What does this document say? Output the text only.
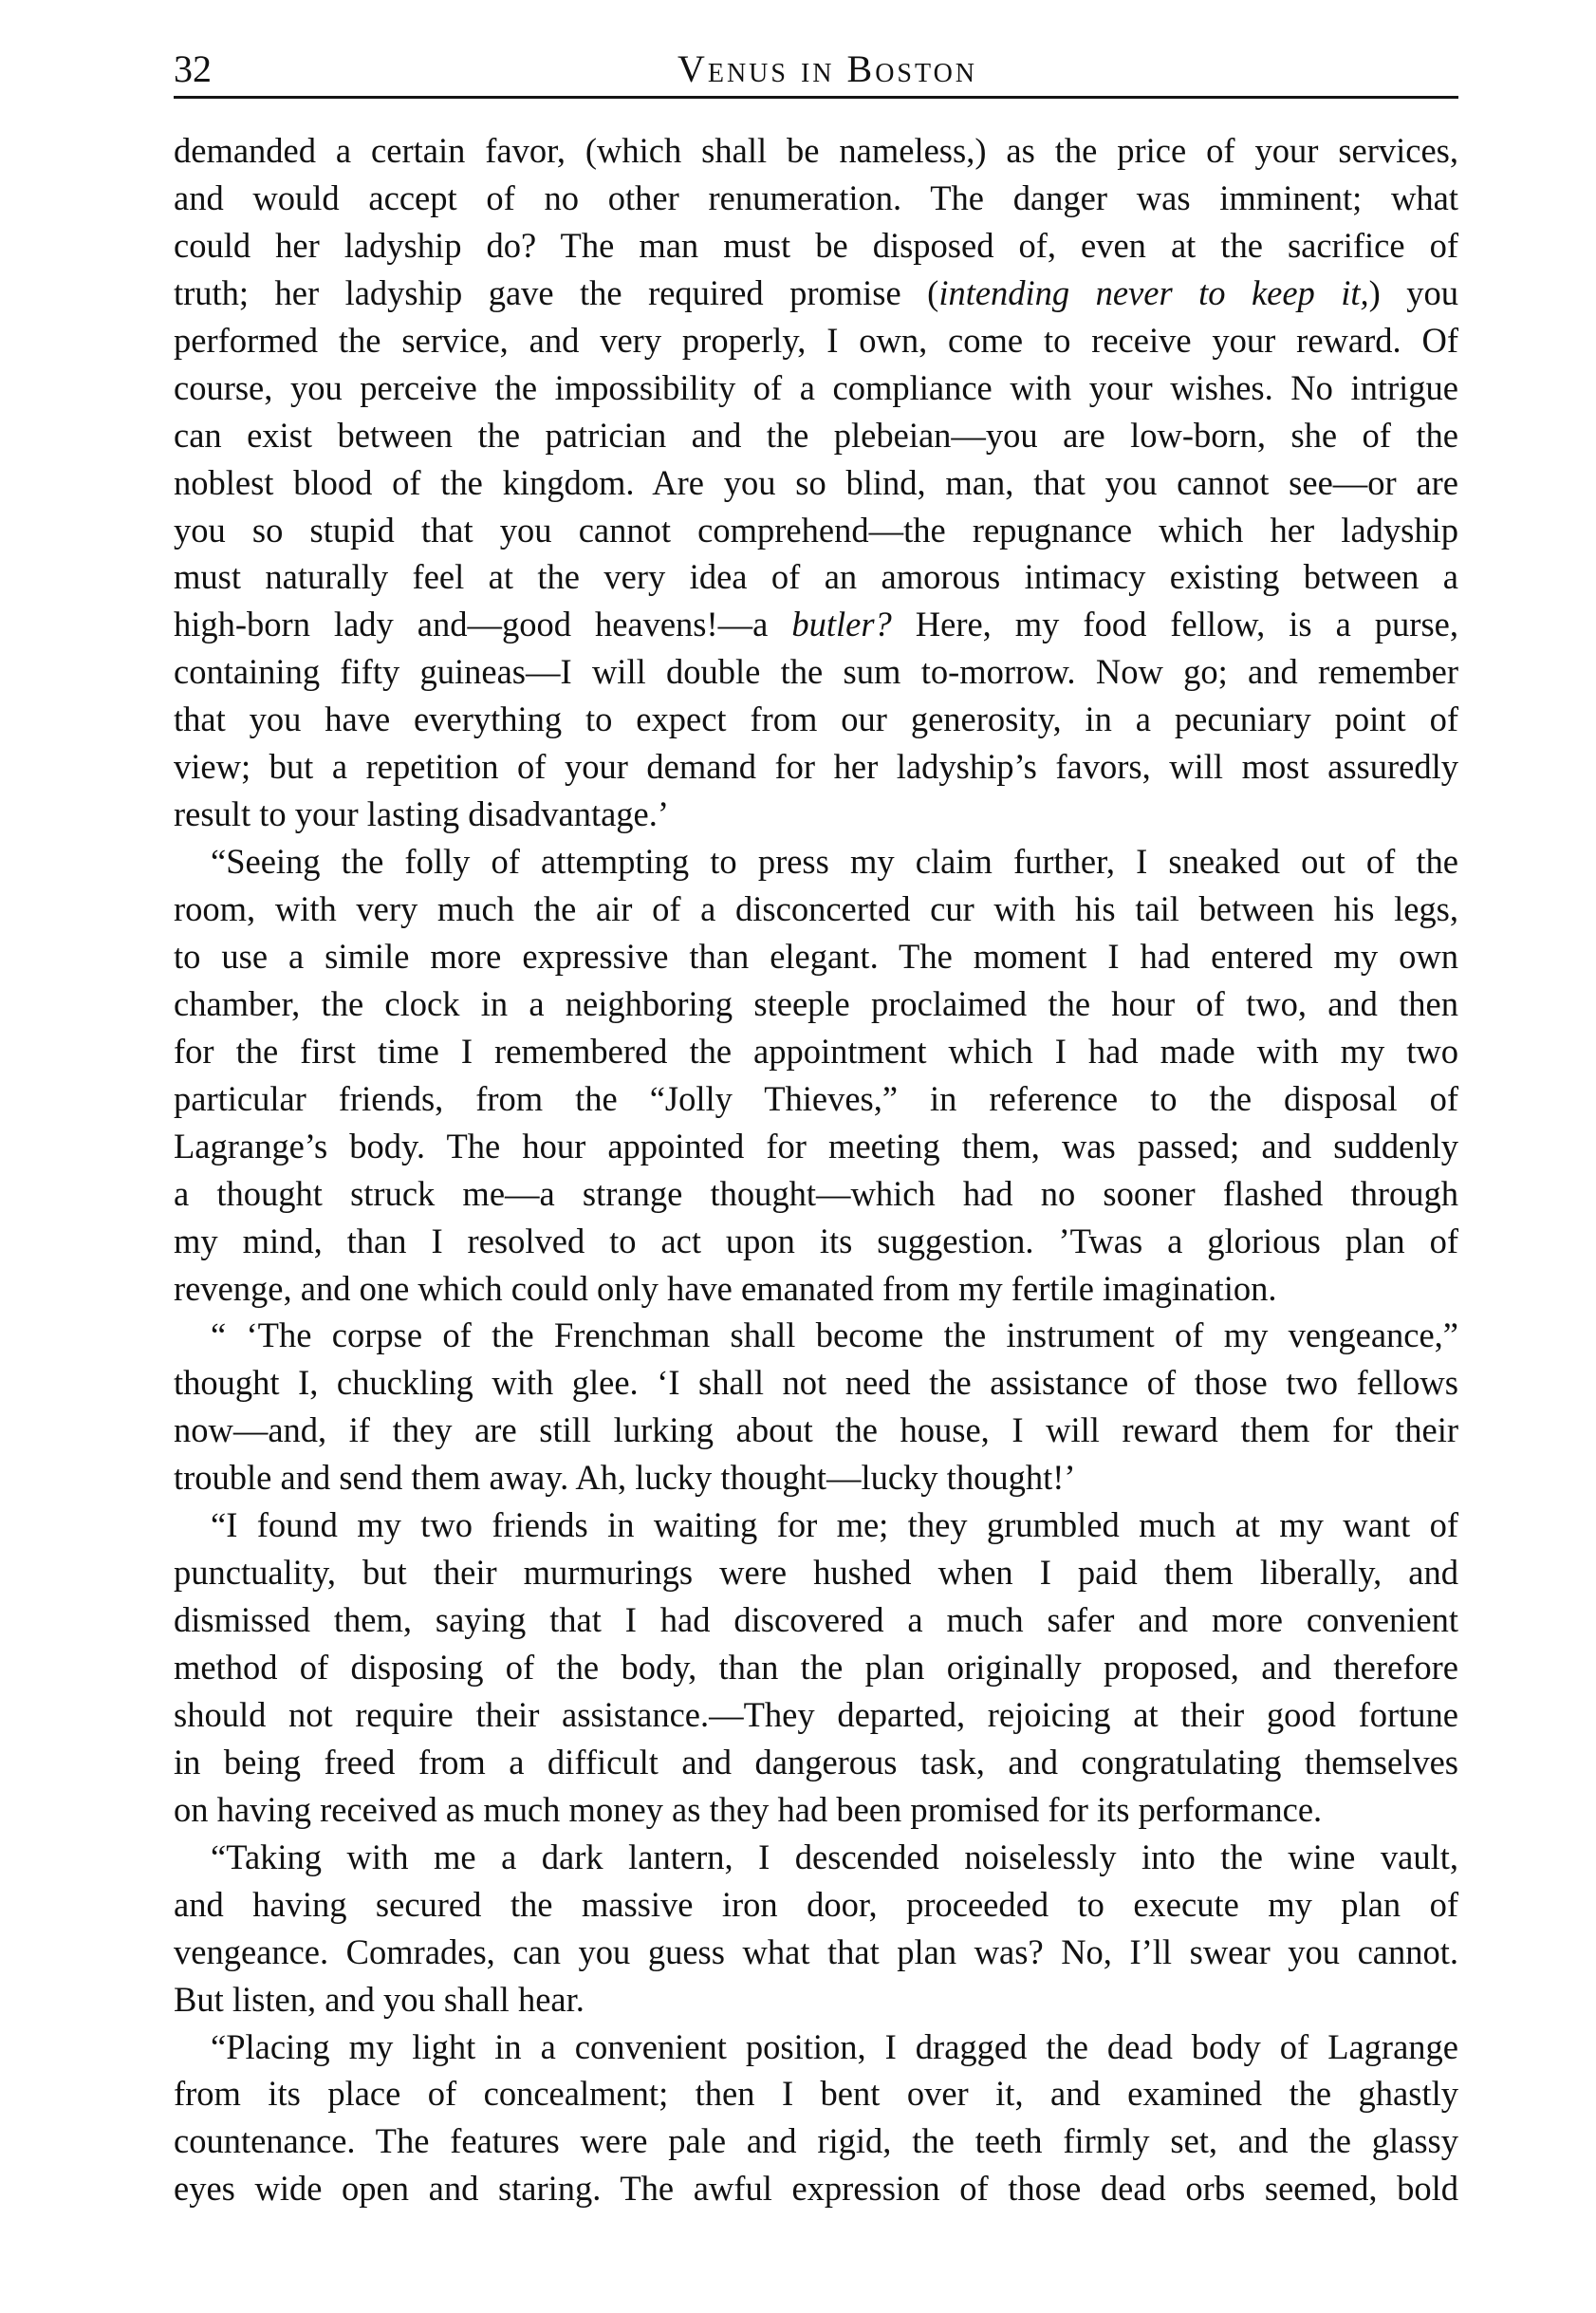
32	Venus in Boston
demanded a certain favor, (which shall be nameless,) as the price of your services,
and would accept of no other renumeration. The danger was imminent; what
could her ladyship do? The man must be disposed of, even at the sacrifice of
truth; her ladyship gave the required promise (intending never to keep it,) you
performed the service, and very properly, I own, come to receive your reward. Of
course, you perceive the impossibility of a compliance with your wishes. No intrigue
can exist between the patrician and the plebeian—you are low-born, she of the
noblest blood of the kingdom. Are you so blind, man, that you cannot see—or are
you so stupid that you cannot comprehend—the repugnance which her ladyship
must naturally feel at the very idea of an amorous intimacy existing between a
high-born lady and—good heavens!—a butler? Here, my food fellow, is a purse,
containing fifty guineas—I will double the sum to-morrow. Now go; and remember
that you have everything to expect from our generosity, in a pecuniary point of
view; but a repetition of your demand for her ladyship’s favors, will most assuredly
result to your lasting disadvantage.’
“Seeing the folly of attempting to press my claim further, I sneaked out of the
room, with very much the air of a disconcerted cur with his tail between his legs,
to use a simile more expressive than elegant. The moment I had entered my own
chamber, the clock in a neighboring steeple proclaimed the hour of two, and then
for the first time I remembered the appointment which I had made with my two
particular friends, from the “Jolly Thieves,” in reference to the disposal of
Lagrange’s body. The hour appointed for meeting them, was passed; and suddenly
a thought struck me—a strange thought—which had no sooner flashed through
my mind, than I resolved to act upon its suggestion. ’Twas a glorious plan of
revenge, and one which could only have emanated from my fertile imagination.
“ ‘The corpse of the Frenchman shall become the instrument of my vengeance,”
thought I, chuckling with glee. ‘I shall not need the assistance of those two fellows
now—and, if they are still lurking about the house, I will reward them for their
trouble and send them away. Ah, lucky thought—lucky thought!’
“I found my two friends in waiting for me; they grumbled much at my want of
punctuality, but their murmurings were hushed when I paid them liberally, and
dismissed them, saying that I had discovered a much safer and more convenient
method of disposing of the body, than the plan originally proposed, and therefore
should not require their assistance.—They departed, rejoicing at their good fortune
in being freed from a difficult and dangerous task, and congratulating themselves
on having received as much money as they had been promised for its performance.
“Taking with me a dark lantern, I descended noiselessly into the wine vault,
and having secured the massive iron door, proceeded to execute my plan of
vengeance. Comrades, can you guess what that plan was? No, I’ll swear you cannot.
But listen, and you shall hear.
“Placing my light in a convenient position, I dragged the dead body of Lagrange
from its place of concealment; then I bent over it, and examined the ghastly
countenance. The features were pale and rigid, the teeth firmly set, and the glassy
eyes wide open and staring. The awful expression of those dead orbs seemed, bold
